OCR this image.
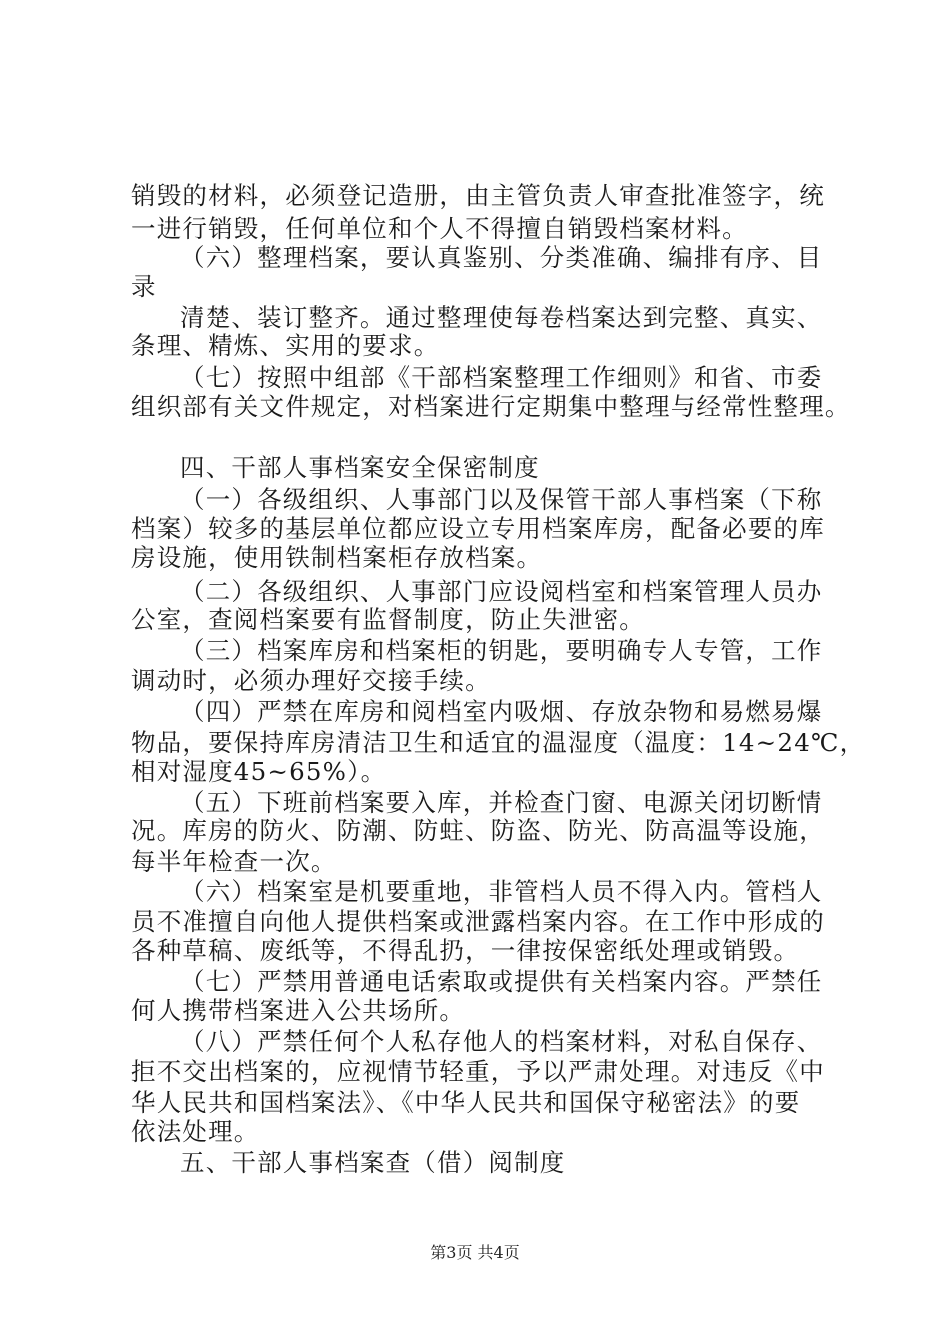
销毁的材料，必须登记造册，由主管负责人审查批准签字，统
一进行销毁，任何单位和个人不得擅自销毁档案材料。
（六）整理档案，要认真鉴别、分类准确、编排有序、目
录
清楚、装订整齐。通过整理使每卷档案达到完整、真实、
条理、精炼、实用的要求。
（七）按照中组部《干部档案整理工作细则》和省、市委
组织部有关文件规定，对档案进行定期集中整理与经常性整理。
四、干部人事档案安全保密制度
（一）各级组织、人事部门以及保管干部人事档案（下称
档案）较多的基层单位都应设立专用档案库房，配备必要的库
房设施，使用铁制档案柜存放档案。
（二）各级组织、人事部门应设阅档室和档案管理人员办
公室，查阅档案要有监督制度，防止失泄密。
（三）档案库房和档案柜的钥匙，要明确专人专管，工作
调动时，必须办理好交接手续。
（四）严禁在库房和阅档室内吸烟、存放杂物和易燃易爆
物品，要保持库房清洁卫生和适宜的温湿度（温度：14~24℃，
相对湿度45~65%）。
（五）下班前档案要入库，并检查门窗、电源关闭切断情
况。库房的防火、防潮、防蛀、防盗、防光、防高温等设施，
每半年检查一次。
（六）档案室是机要重地，非管档人员不得入内。管档人
员不准擅自向他人提供档案或泄露档案内容。在工作中形成的
各种草稿、废纸等，不得乱扔，一律按保密纸处理或销毁。
（七）严禁用普通电话索取或提供有关档案内容。严禁任
何人携带档案进入公共场所。
（八）严禁任何个人私存他人的档案材料，对私自保存、
拒不交出档案的，应视情节轻重，予以严肃处理。对违反《中
华人民共和国档案法》、《中华人民共和国保守秘密法》的要
依法处理。
五、干部人事档案查（借）阅制度
第3页 共4页
